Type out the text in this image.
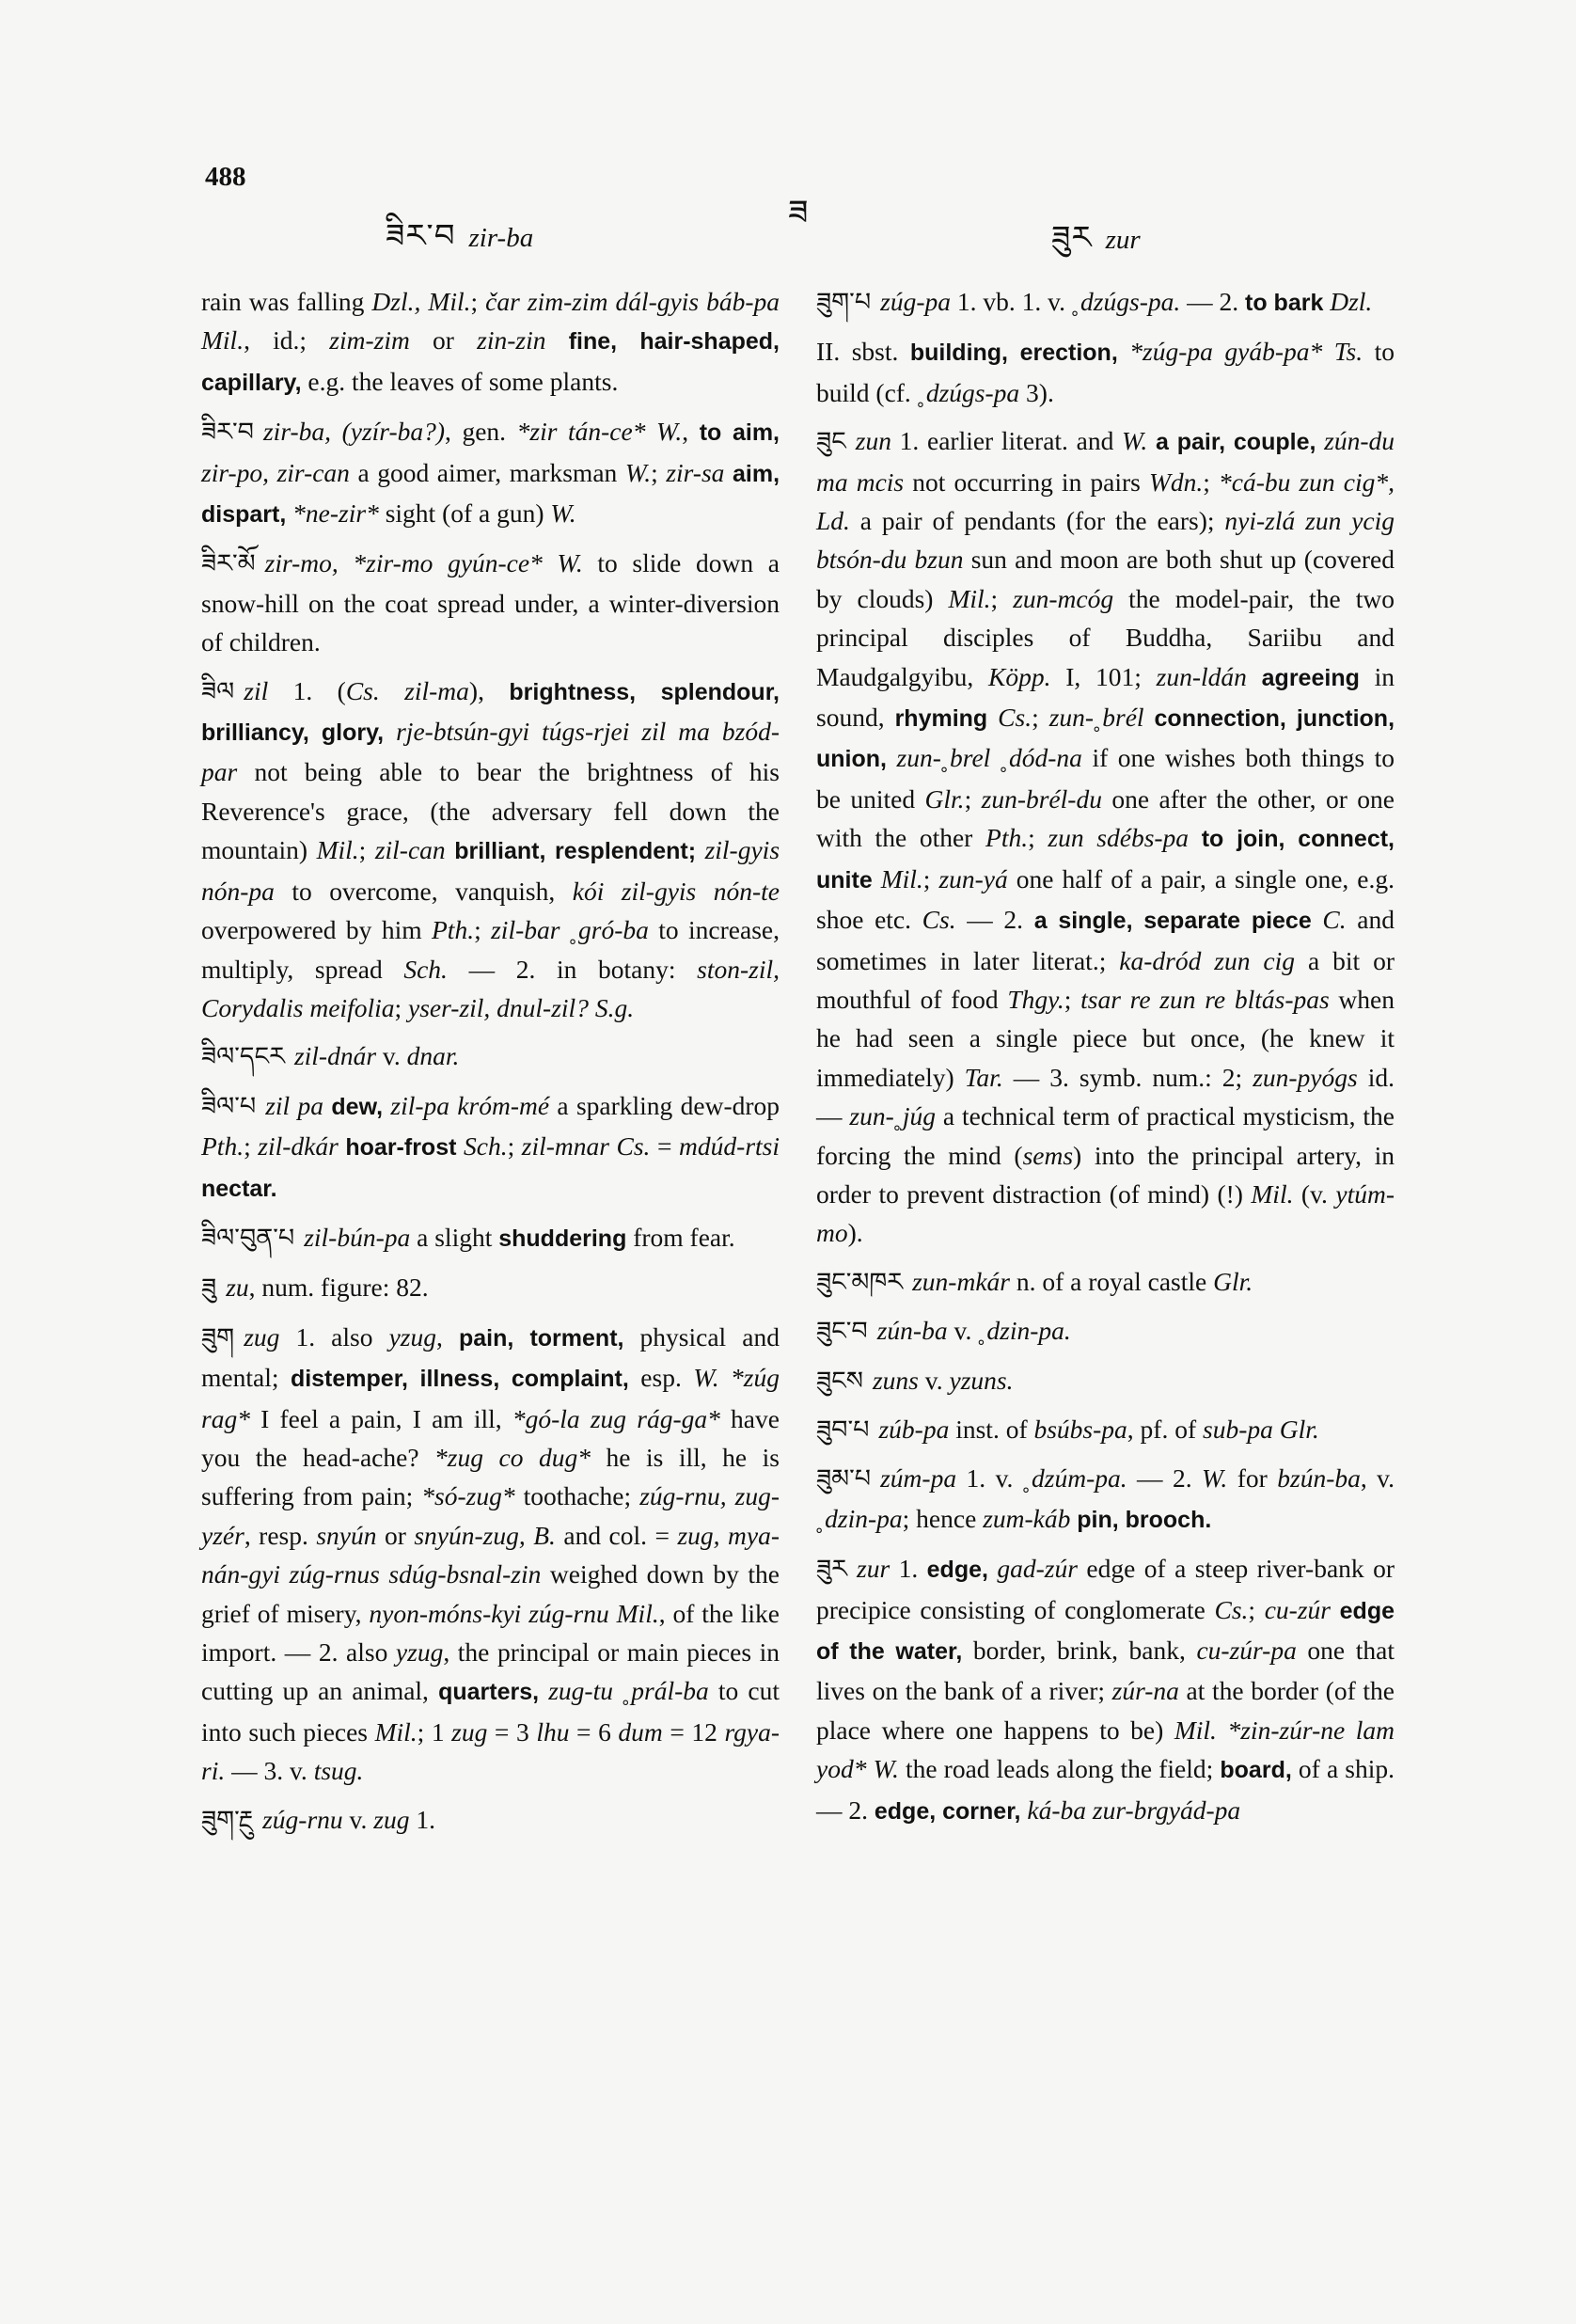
488
ཟིར་བ zir-ba
ཟ
ཟུར zur

rain was falling Dzl., Mil.; čar zim-zim dál-gyis báb-pa Mil., id.; zim-zim or zin-zin fine, hair-shaped, capillary, e.g. the leaves of some plants.

ཟིར་བ zir-ba, (yzír-ba?), gen. *zir tán-ce* W., to aim, zir-po, zir-can a good aimer, marksman W.; zir-sa aim, dispart, *ne-zir* sight (of a gun) W.

ཟིར་མོ zir-mo, *zir-mo gyún-ce* W. to slide down a snow-hill on the coat spread under, a winter-diversion of children.

ཟིལ zil 1. (Cs. zil-ma), brightness, splendour, brilliancy, glory, rje-btsún-gyi túgs-rjei zil ma bzód-par not being able to bear the brightness of his Reverence's grace, (the adversary fell down the mountain) Mil.; zil-can brilliant, resplendent; zil-gyis nón-pa to overcome, vanquish, kói zil-gyis nón-te overpowered by him Pth.; zil-bar ˳gró-ba to increase, multiply, spread Sch. — 2. in botany: ston-zil, Corydalis meifolia; yser-zil, dnul-zil? S.g.

ཟིལ་དངར zil-dnár v. dnar.

ཟིལ་པ zil pa dew, zil-pa króm-mé a sparkling dew-drop Pth.; zil-dkár hoar-frost Sch.; zil-mnar Cs. = mdúd-rtsi nectar.

ཟིལ་བུན་པ zil-bún-pa a slight shuddering from fear.

ཟུ zu, num. figure: 82.

ཟུག zug 1. also yzug, pain, torment, physical and mental; distemper, illness, complaint, esp. W. *zúg rag* I feel a pain, I am ill, *gó-la zug rág-ga* have you the head-ache? *zug co dug* he is ill, he is suffering from pain; *só-zug* toothache; zúg-rnu, zug-yzér, resp. snyún or snyún-zug, B. and col. = zug, mya-nán-gyi zúg-rnus sdúg-bsnal-zin weighed down by the grief of misery, nyon-móns-kyi zúg-rnu Mil., of the like import. — 2. also yzug, the principal or main pieces in cutting up an animal, quarters, zug-tu ˳prál-ba to cut into such pieces Mil.; 1 zug = 3 lhu = 6 dum = 12 rgya-ri. — 3. v. tsug.

ཟུག་རྔུ zúg-rnu v. zug 1.

ཟུག་པ zúg-pa 1. vb. 1. v. ˳dzúgs-pa. — 2. to bark Dzl.

II. sbst. building, erection, *zúg-pa gyáb-pa* Ts. to build (cf. ˳dzúgs-pa 3).

ཟུང zun 1. earlier literat. and W. a pair, couple, zún-du ma mcis not occurring in pairs Wdn.; *cá-bu zun cig*, Ld. a pair of pendants (for the ears); nyi-zlá zun ycig btsón-du bzun sun and moon are both shut up (covered by clouds) Mil.; zun-mcóg the model-pair, the two principal disciples of Buddha, Sariibu and Maudgalgyibu, Köpp. I, 101; zun-ldán agreeing in sound, rhyming Cs.; zun-˳brél connection, junction, union, zun-˳brel ˳dód-na if one wishes both things to be united Glr.; zun-brél-du one after the other, or one with the other Pth.; zun sdébs-pa to join, connect, unite Mil.; zun-yá one half of a pair, a single one, e.g. shoe etc. Cs. — 2. a single, separate piece C. and sometimes in later literat.; ka-dród zun cig a bit or mouthful of food Thgy.; tsar re zun re bltás-pas when he had seen a single piece but once, (he knew it immediately) Tar. — 3. symb. num.: 2; zun-pyógs id. — zun-˳júg a technical term of practical mysticism, the forcing the mind (sems) into the principal artery, in order to prevent distraction (of mind) (!) Mil. (v. ytúm-mo).

ཟུང་མཁར zun-mkár n. of a royal castle Glr.

ཟུང་བ zún-ba v. ˳dzin-pa.

ཟུངས zuns v. yzuns.

ཟུབ་པ zúb-pa inst. of bsúbs-pa, pf. of sub-pa Glr.

ཟུམ་པ zúm-pa 1. v. ˳dzúm-pa. — 2. W. for bzún-ba, v. ˳dzin-pa; hence zum-káb pin, brooch.

ཟུར zur 1. edge, gad-zúr edge of a steep river-bank or precipice consisting of conglomerate Cs.; cu-zúr edge of the water, border, brink, bank, cu-zúr-pa one that lives on the bank of a river; zúr-na at the border (of the place where one happens to be) Mil. *zin-zúr-ne lam yod* W. the road leads along the field; board, of a ship. — 2. edge, corner, ká-ba zur-brgyád-pa
